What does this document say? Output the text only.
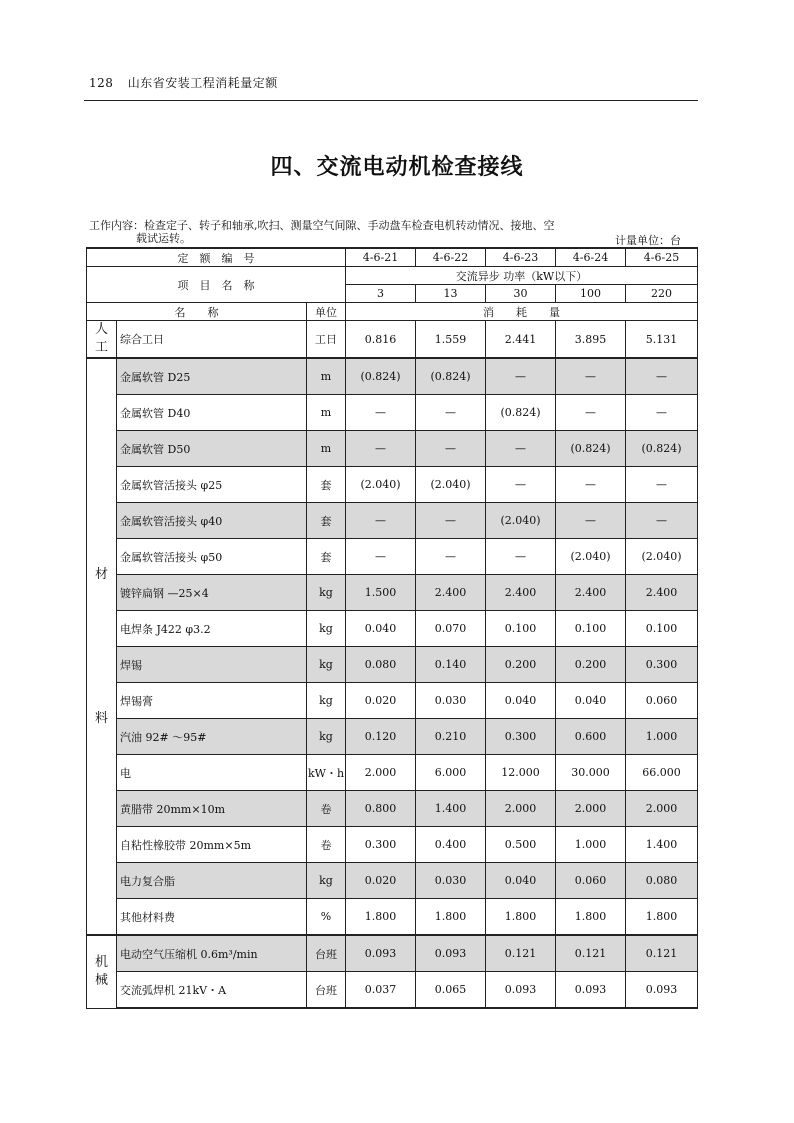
128 山东省安装工程消耗量定额
四、交流电动机检查接线
工作内容：检查定子、转子和轴承,吹扫、测量空气间隙、手动盘车检查电机转动情况、接地、空
载试运转。	计量单位：台
定　额　编　号			4-6-21	4-6-22	4-6-23	4-6-24	4-6-25
项　目　名　称			交流异步 功率（kW以下）				
			3	13	30	100	220
名　　称		单位	消　　耗　　量				
人
工	综合工日	工日	0.816	1.559	2.441	3.895	5.131
材

料	金属软管 D25	m	(0.824)	(0.824)	—	—	—
	金属软管 D40	m	—	—	(0.824)	—	—
	金属软管 D50	m	—	—	—	(0.824)	(0.824)
	金属软管活接头 φ25	套	(2.040)	(2.040)	—	—	—
	金属软管活接头 φ40	套	—	—	(2.040)	—	—
	金属软管活接头 φ50	套	—	—	—	(2.040)	(2.040)
	镀锌扁钢 —25×4	kg	1.500	2.400	2.400	2.400	2.400
	电焊条 J422 φ3.2	kg	0.040	0.070	0.100	0.100	0.100
	焊锡	kg	0.080	0.140	0.200	0.200	0.300
	焊锡膏	kg	0.020	0.030	0.040	0.040	0.060
	汽油 92# ～95#	kg	0.120	0.210	0.300	0.600	1.000
	电	kW・h	2.000	6.000	12.000	30.000	66.000
	黄腊带 20mm×10m	卷	0.800	1.400	2.000	2.000	2.000
	自粘性橡胶带 20mm×5m	卷	0.300	0.400	0.500	1.000	1.400
	电力复合脂	kg	0.020	0.030	0.040	0.060	0.080
	其他材料费	%	1.800	1.800	1.800	1.800	1.800
机
械	电动空气压缩机 0.6m³/min	台班	0.093	0.093	0.121	0.121	0.121
	交流弧焊机 21kV・A	台班	0.037	0.065	0.093	0.093	0.093
